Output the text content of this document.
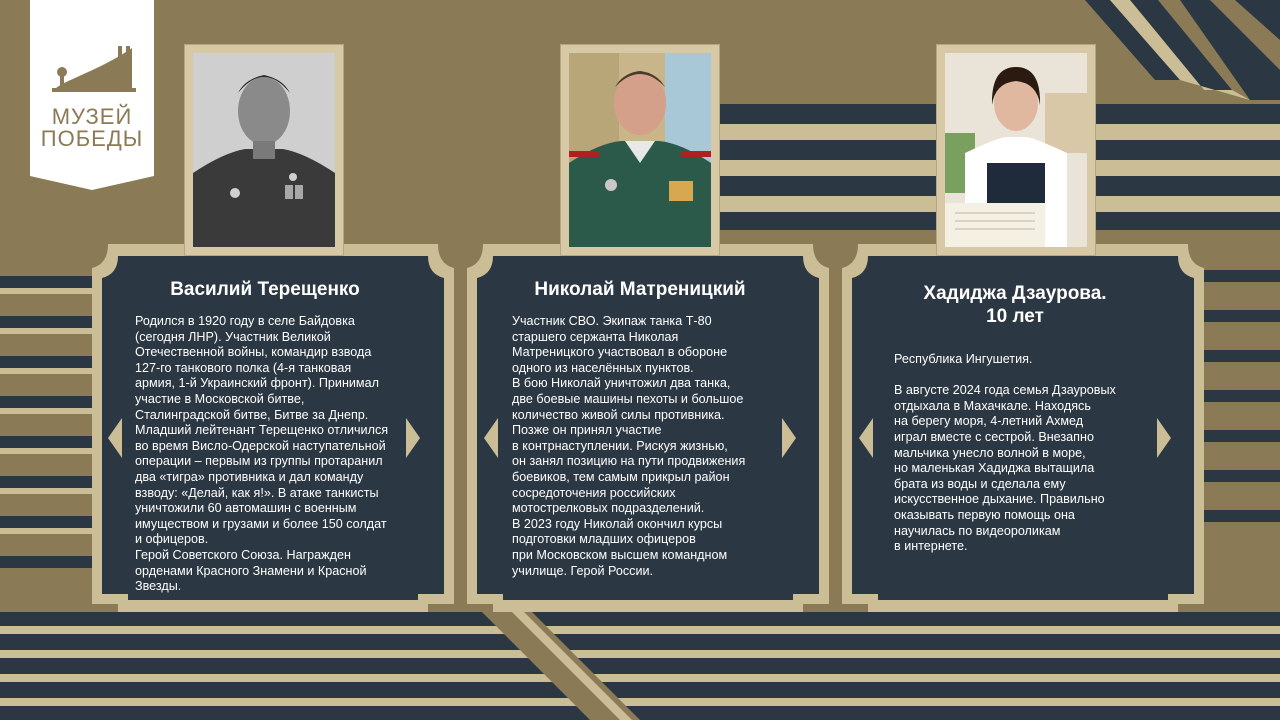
МУЗЕЙ
ПОБЕДЫ
Василий Терещенко
Родился в 1920 году в селе Байдовка
(сегодня ЛНР). Участник Великой
Отечественной войны, командир взвода
127-го танкового полка (4-я танковая
армия, 1-й Украинский фронт). Принимал
участие в Московской битве,
Сталинградской битве, Битве за Днепр.
Младший лейтенант Терещенко отличился
во время Висло-Одерской наступательной
операции – первым из группы протаранил
два «тигра» противника и дал команду
взводу: «Делай, как я!». В атаке танкисты
уничтожили 60 автомашин с военным
имуществом и грузами и более 150 солдат
и офицеров.
Герой Советского Союза. Награжден
орденами Красного Знамени и Красной
Звезды.
Николай Матреницкий
Участник СВО. Экипаж танка Т-80
старшего сержанта Николая
Матреницкого участвовал в обороне
одного из населённых пунктов.
В бою Николай уничтожил два танка,
две боевые машины пехоты и большое
количество живой силы противника.
Позже он принял участие
в контрнаступлении. Рискуя жизнью,
он занял позицию на пути продвижения
боевиков, тем самым прикрыл район
сосредоточения российских
мотострелковых подразделений.
В 2023 году Николай окончил курсы
подготовки младших офицеров
при Московском высшем командном
училище. Герой России.
Хадиджа Дзаурова.
10 лет
Республика Ингушетия.

В августе 2024 года семья Дзауровых
отдыхала в Махачкале. Находясь
на берегу моря, 4-летний Ахмед
играл вместе с сестрой. Внезапно
мальчика унесло волной в море,
но маленькая Хадиджа вытащила
брата из воды и сделала ему
искусственное дыхание. Правильно
оказывать первую помощь она
научилась по видеороликам
в интернете.
